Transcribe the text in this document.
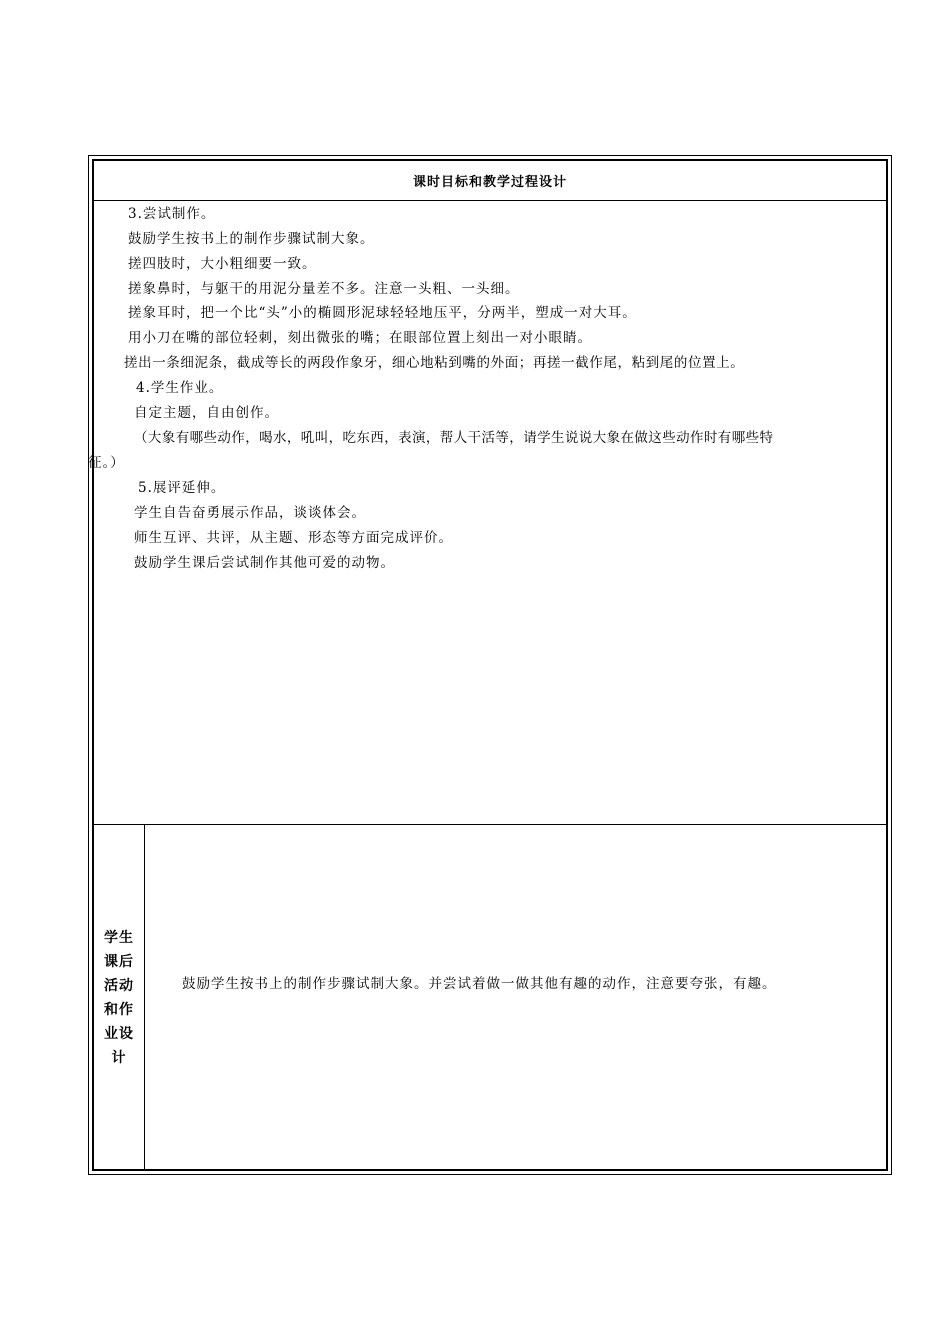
课时目标和教学过程设计
3.尝试制作。
鼓励学生按书上的制作步骤试制大象。
搓四肢时，大小粗细要一致。
搓象鼻时，与躯干的用泥分量差不多。注意一头粗、一头细。
搓象耳时，把一个比“头”小的椭圆形泥球轻轻地压平，分两半，塑成一对大耳。
用小刀在嘴的部位轻刺，刻出微张的嘴；在眼部位置上刻出一对小眼睛。
搓出一条细泥条，截成等长的两段作象牙，细心地粘到嘴的外面；再搓一截作尾，粘到尾的位置上。
4.学生作业。
自定主题，自由创作。
（大象有哪些动作，喝水，吼叫，吃东西，表演，帮人干活等，请学生说说大象在做这些动作时有哪些特
征。）
5.展评延伸。
学生自告奋勇展示作品，谈谈体会。
师生互评、共评，从主题、形态等方面完成评价。
鼓励学生课后尝试制作其他可爱的动物。
学生课后活动和作业设计
鼓励学生按书上的制作步骤试制大象。并尝试着做一做其他有趣的动作，注意要夸张，有趣。
